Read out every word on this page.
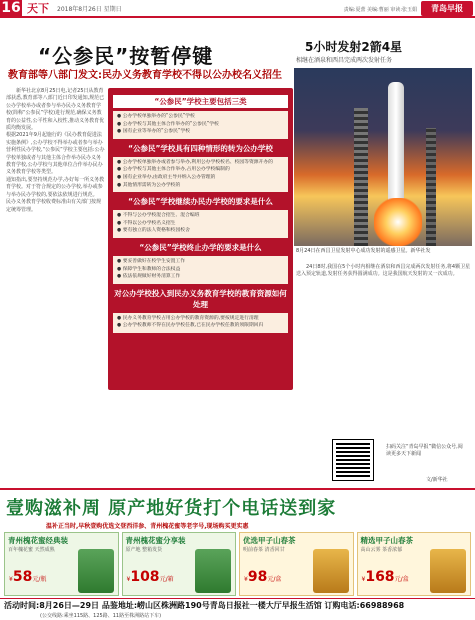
16 天下 2018年8月26日 星期日	责编:夏蕾 美编:曹丽 审读:张玉娟	青岛早报
“公参民”按暂停键
教育部等八部门发文:民办义务教育学校不得以公办校名义招生
新华社北京8月25日电,记者25日从教育部获悉,教育部等八部门近日印发通知,规范已公办学校举办或者参与举办民办义务教育学校(简称“公参民”学校)进行规范,确保义务教育的公益性,公平性和入校性,推动义务教育优质均衡发展。
根据2021年9月起施行的《民办教育促进法实施条例》,公办学校不得举办或者参与举办营利性民办学校,“公参民”学校主要包括:公办学校单独或者与其他主体合作举办民办义务教育学校,公办学校与其他单位合作举办民办义务教育学校等类型。
通知指出,要坚持规范办学,办好每一所义务教育学校。对于符合规定的公办学校,举办或参与举办民办学校的,要依法依规进行规范。
民办义务教育学校收费标准由有关部门按规定统筹管理。
“公参民”学校主要包括三类
● 公办学校单独举办的“公参民”学校
● 公办学校与其他主体合作举办的“公参民”学校
● 国有企业等举办的“公参民”学校
“公参民”学校具有四种情形的转为公办学校
● 公办学校单独举办或者参与举办,利用公办学校校名、校园等资源开办的
● 公办学校与其他主体合作举办,占用公办学校编制的
● 国有企业举办,由政府主导并纳入公办管理的
● 其他情形需转为公办学校的
“公参民”学校继续办民办学校的要求是什么
● 不得与公办学校混合招生、混合编班
● 不得以公办学校名义招生
● 要有独立的法人资格和校园校舍
“公参民”学校终止办学的要求是什么
● 要妥善做好在校学生安置工作
● 保障学生和教师的合法权益
● 依法依规做好财务清算工作
对公办学校投入到民办义务教育学校的教育资源如何处理
● 民办义务教育学校占用公办学校的教育资源的,要按规定进行清理
● 公办学校教师不得在民办学校任教,已在民办学校任教的须限期回归
5小时发射2箭4星
相继在酒泉和西昌完成两次发射任务
8月24日在西昌卫星发射中心成功发射的遥感卫星。新华社发
24日8时,我国在5个小时内相继在酒泉和西昌完成两次发射任务,将4颗卫星送入预定轨道,发射任务获得圆满成功。这是我国航天发射的又一次成功。
扫码关注“青岛早报”微信公众号,阅读更多天下新闻
文/新华社
壹购滋补周 原产地好货打个电话送到家
温补正当时,早秋壹购优选文登西洋参、青州槐花蜜等老字号,现场购买更实惠
青州槐花蜜经典装
百年槐花蜜 天然成熟
¥58元/瓶
青州槐花蜜分享装
原产地 整箱发货
¥108元/箱
优选甲子山春茶
明前春茶 清香回甘
¥98元/盒
精选甲子山春茶
高山云雾 茶香浓郁
¥168元/盒
活动时间:8月26日—29日 品鉴地址:崂山区株洲路190号青岛日报社一楼大厅早报生活馆 订购电话:66988968
(公交线路:乘坐115路、125路、11路至株洲路站下车)
